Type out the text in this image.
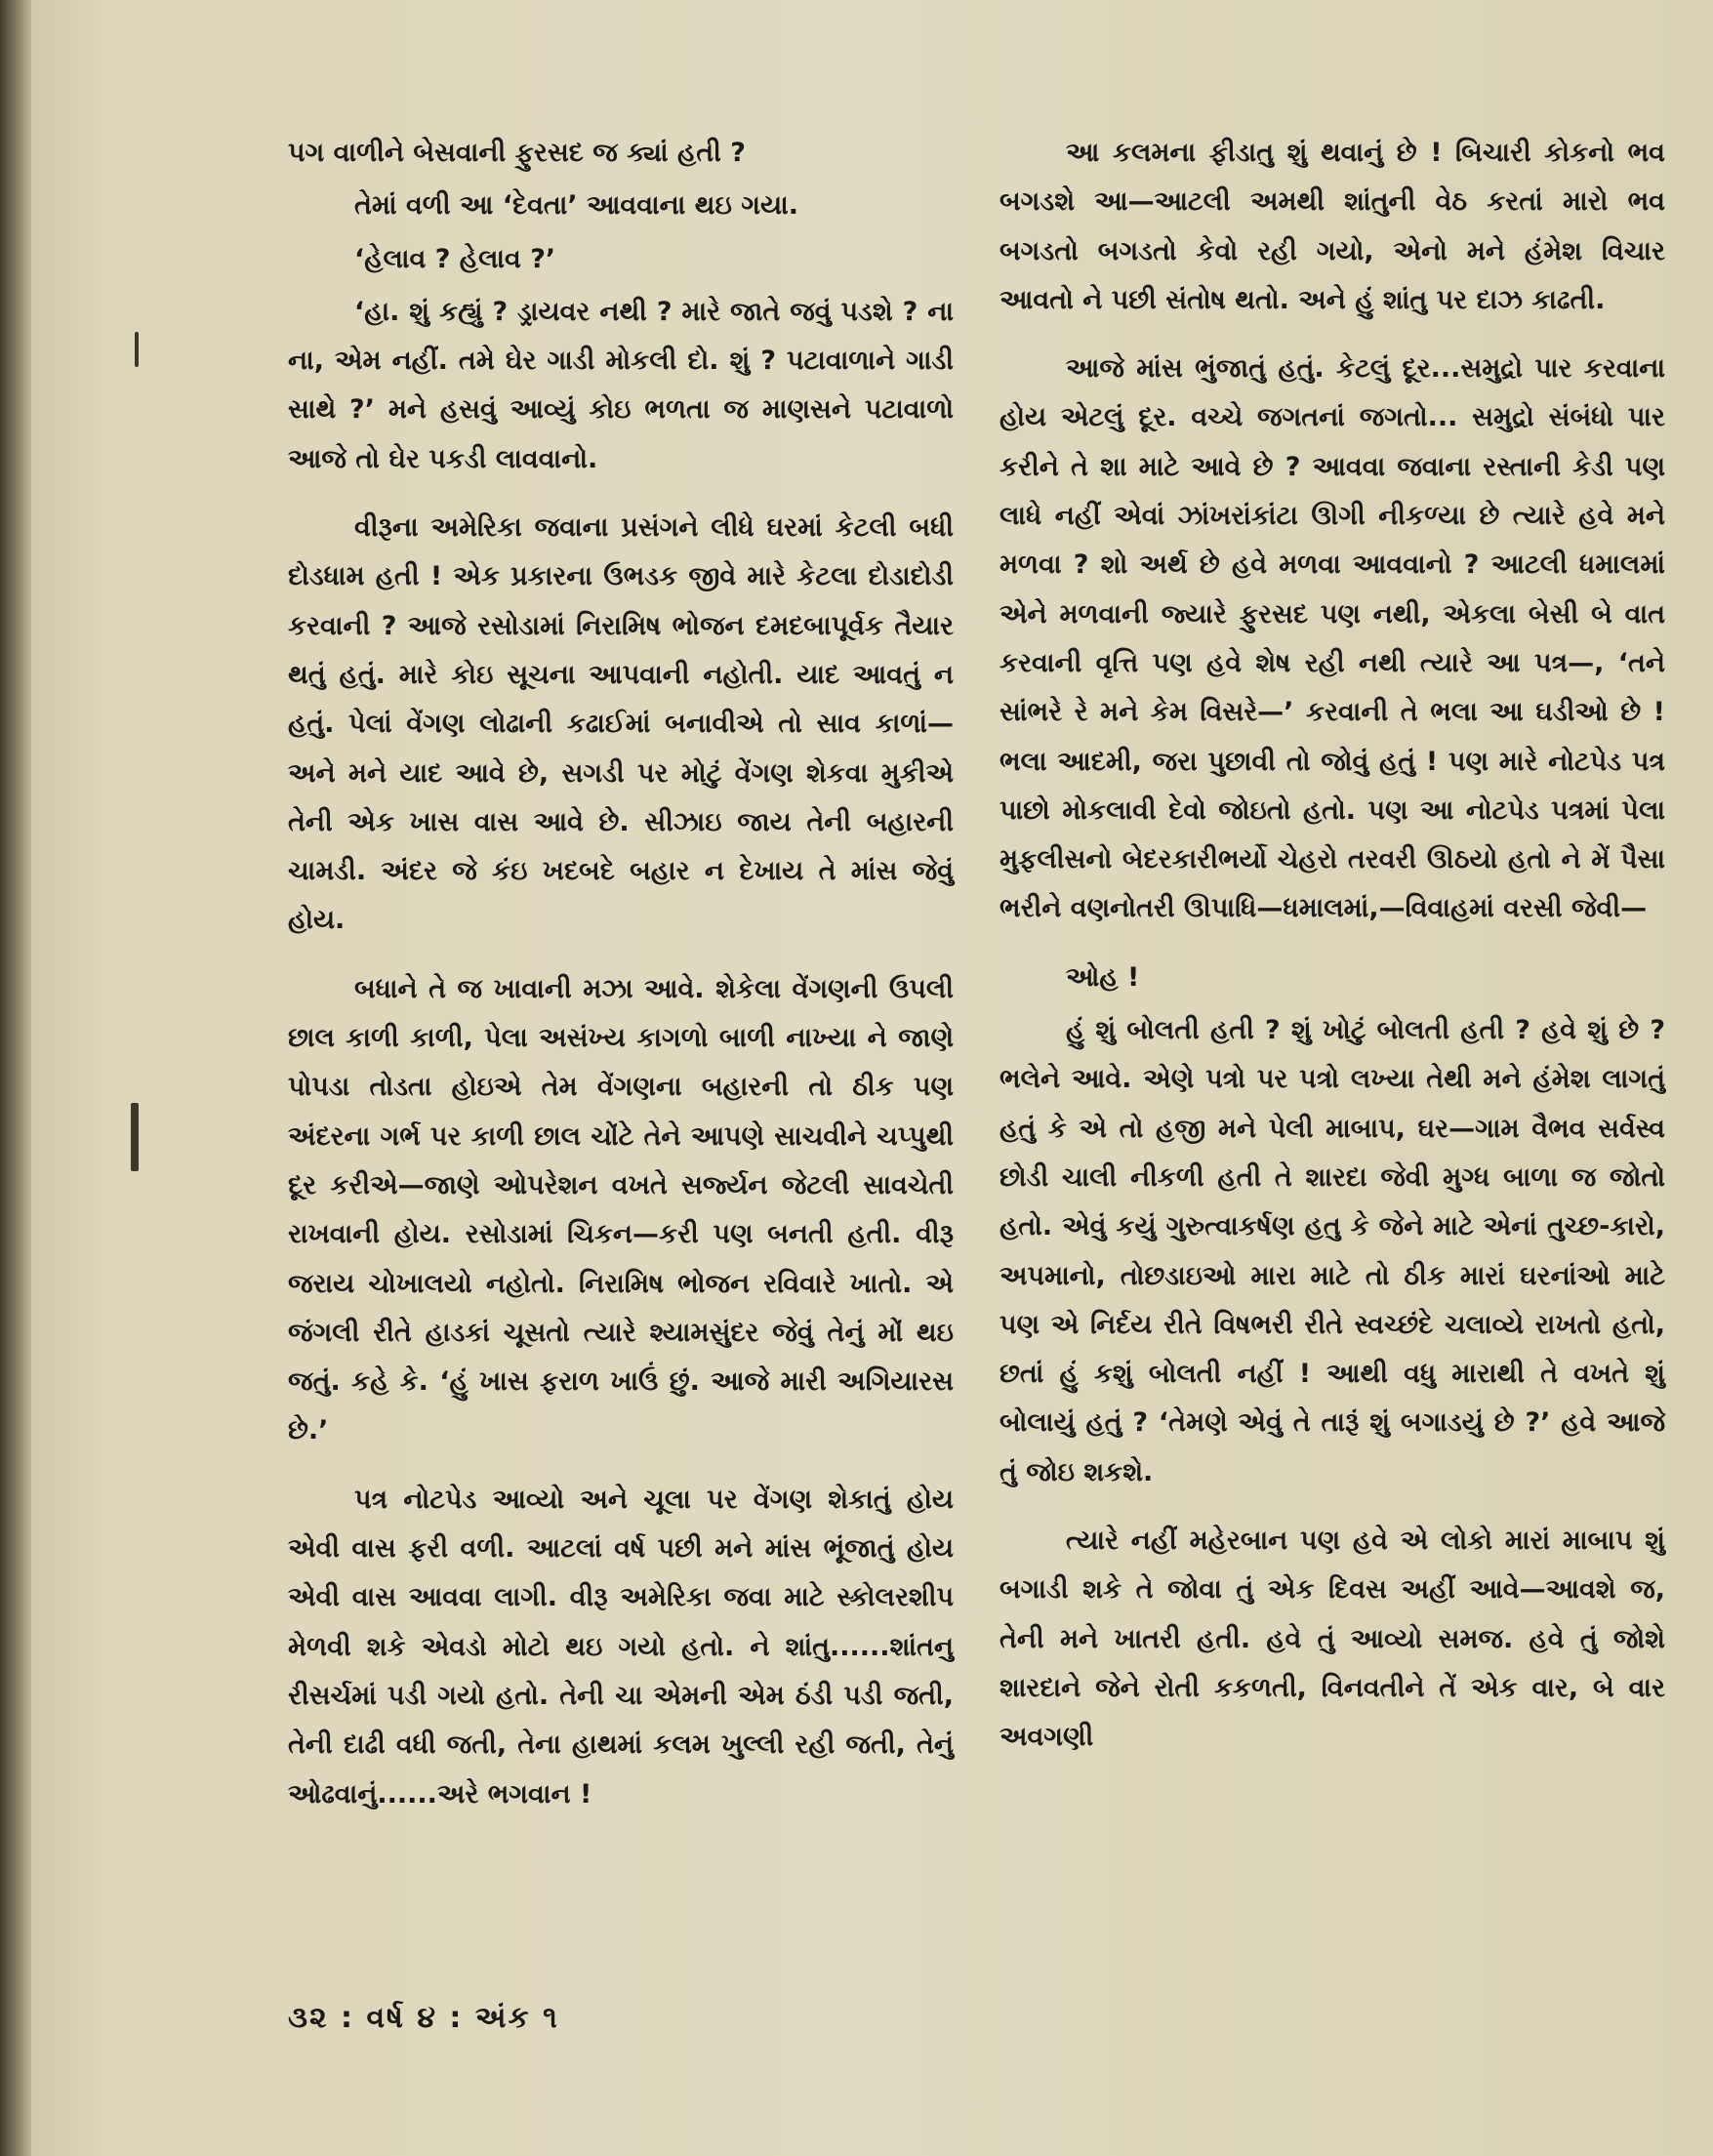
પગ વાળીને બેસવાની ફુરસદ જ ક્યાં હતી ?

તેમાં વળી આ ‘દેવતા’ આવવાના થઇ ગયા.

‘હેલાવ ? હેલાવ ?’

‘હા. શું કહ્યું ? ડ્રાયવર નથી ? મારે જાતે જવું પડશે ? ના ના, એમ નહીં. તમે ઘેર ગાડી મોકલી દો. શું ? પટાવાળાને ગાડી સાથે ?’ મને હસવું આવ્યું કોઇ ભળતા જ માણસને પટાવાળો આજે તો ઘેર પકડી લાવવાનો.

વીરૂના અમેરિકા જવાના પ્રસંગને લીધે ઘરમાં કેટલી બધી દોડધામ હતી ! એક પ્રકારના ઉભડક જીવે મારે કેટલા દોડાદોડી કરવાની ? આજે રસોડામાં નિરામિષ ભોજન દમદબાપૂર્વક તૈયાર થતું હતું. મારે કોઇ સૂચના આપવાની નહોતી. યાદ આવતું ન હતું. પેલાં વેંગણ લોઢાની કઢાઈમાં બનાવીએ તો સાવ કાળાં— અને મને યાદ આવે છે, સગડી પર મોટું વેંગણ શેકવા મુકીએ તેની એક ખાસ વાસ આવે છે. સીઝાઇ જાય તેની બહારની ચામડી. અંદર જે કંઇ ખદબદે બહાર ન દેખાય તે માંસ જેવું હોય.

બધાને તે જ ખાવાની મઝા આવે. શેકેલા વેંગણની ઉપલી છાલ કાળી કાળી, પેલા અસંખ્ય કાગળો બાળી નાખ્યા ને જાણે પોપડા તોડતા હોઇએ તેમ વેંગણના બહારની તો ઠીક પણ અંદરના ગર્ભ પર કાળી છાલ ચોંટે તેને આપણે સાચવીને ચપ્પુથી દૂર કરીએ—જાણે ઓપરેશન વખતે સર્જ્યન જેટલી સાવચેતી રાખવાની હોય. રસોડામાં ચિકન—કરી પણ બનતી હતી. વીરૂ જરાય ચોખાલયો નહોતો. નિરામિષ ભોજન રવિવારે ખાતો. એ જંગલી રીતે હાડકાં ચૂસતો ત્યારે શ્યામસુંદર જેવું તેનું મોં થઇ જતું. કહે કે. ‘હું ખાસ ફરાળ ખાઉં છું. આજે મારી અગિયારસ છે.’

પત્ર નોટપેડ આવ્યો અને ચૂલા પર વેંગણ શેકાતું હોય એવી વાસ ફરી વળી. આટલાં વર્ષ પછી મને માંસ ભૂંજાતું હોય એવી વાસ આવવા લાગી. વીરૂ અમેરિકા જવા માટે સ્કોલરશીપ મેળવી શકે એવડો મોટો થઇ ગયો હતો. ને શાંતુ......શાંતનુ રીસર્ચમાં પડી ગયો હતો. તેની ચા એમની એમ ઠંડી પડી જતી, તેની દાઢી વધી જતી, તેના હાથમાં કલમ ખુલ્લી રહી જતી, તેનું ઓઢવાનું......અરે ભગવાન !

આ કલમના ફીડાતુ શું થવાનું છે ! બિચારી કોકનો ભવ બગડશે આ—આટલી અમથી શાંતુની વેઠ કરતાં મારો ભવ બગડતો બગડતો કેવો રહી ગયો, એનો મને હંમેશ વિચાર આવતો ને પછી સંતોષ થતો. અને હું શાંતુ પર દાઝ કાઢતી.

આજે માંસ ભુંજાતું હતું. કેટલું દૂર...સમુદ્રો પાર કરવાના હોય એટલું દૂર. વચ્ચે જગતનાં જગતો... સમુદ્રો સંબંધો પાર કરીને તે શા માટે આવે છે ? આવવા જવાના રસ્તાની કેડી પણ લાધે નહીં એવાં ઝાંખરાંકાંટા ઊગી નીકળ્યા છે ત્યારે હવે મને મળવા ? શો અર્થ છે હવે મળવા આવવાનો ? આટલી ધમાલમાં એને મળવાની જ્યારે ફુરસદ પણ નથી, એકલા બેસી બે વાત કરવાની વૃત્તિ પણ હવે શેષ રહી નથી ત્યારે આ પત્ર—, ‘તને સાંભરે રે મને કેમ વિસરે—’ કરવાની તે ભલા આ ઘડીઓ છે ! ભલા આદમી, જરા પુછાવી તો જોવું હતું ! પણ મારે નોટપેડ પત્ર પાછો મોકલાવી દેવો જોઇતો હતો. પણ આ નોટપેડ પત્રમાં પેલા મુફલીસનો બેદરકારીભર્યો ચેહરો તરવરી ઊઠયો હતો ને મેં પૈસા ભરીને વણનોતરી ઊપાધિ—ધમાલમાં,—વિવાહમાં વરસી જેવી—

ઓહ !

હું શું બોલતી હતી ? શું ખોટું બોલતી હતી ? હવે શું છે ? ભલેને આવે. એણે પત્રો પર પત્રો લખ્યા તેથી મને હંમેશ લાગતું હતું કે એ તો હજી મને પેલી માબાપ, ઘર—ગામ વૈભવ સર્વસ્વ છોડી ચાલી નીકળી હતી તે શારદા જેવી મુગ્ધ બાળા જ જોતો હતો. એવું કયું ગુરુત્વાકર્ષણ હતુ કે જેને માટે એનાં તુચ્છ-કારો, અપમાનો, તોછડાઇઓ મારા માટે તો ઠીક મારાં ઘરનાંઓ માટે પણ એ નિર્દય રીતે વિષભરી રીતે સ્વચ્છંદે ચલાવ્યે રાખતો હતો, છતાં હું કશું બોલતી નહીં ! આથી વધુ મારાથી તે વખતે શું બોલાયું હતું ? ‘તેમણે એવું તે તારૂં શું બગાડયું છે ?’ હવે આજે તું જોઇ શકશે.

ત્યારે નહીં મહેરબાન પણ હવે એ લોકો મારાં માબાપ શું બગાડી શકે તે જોવા તું એક દિવસ અહીં આવે—આવશે જ, તેની મને ખાતરી હતી. હવે તું આવ્યો સમજ. હવે તું જોશે શારદાને જેને રોતી કકળતી, વિનવતીને તેં એક વાર, બે વાર અવગણી

૩૨ : વર્ષ ૪ : અંક ૧
